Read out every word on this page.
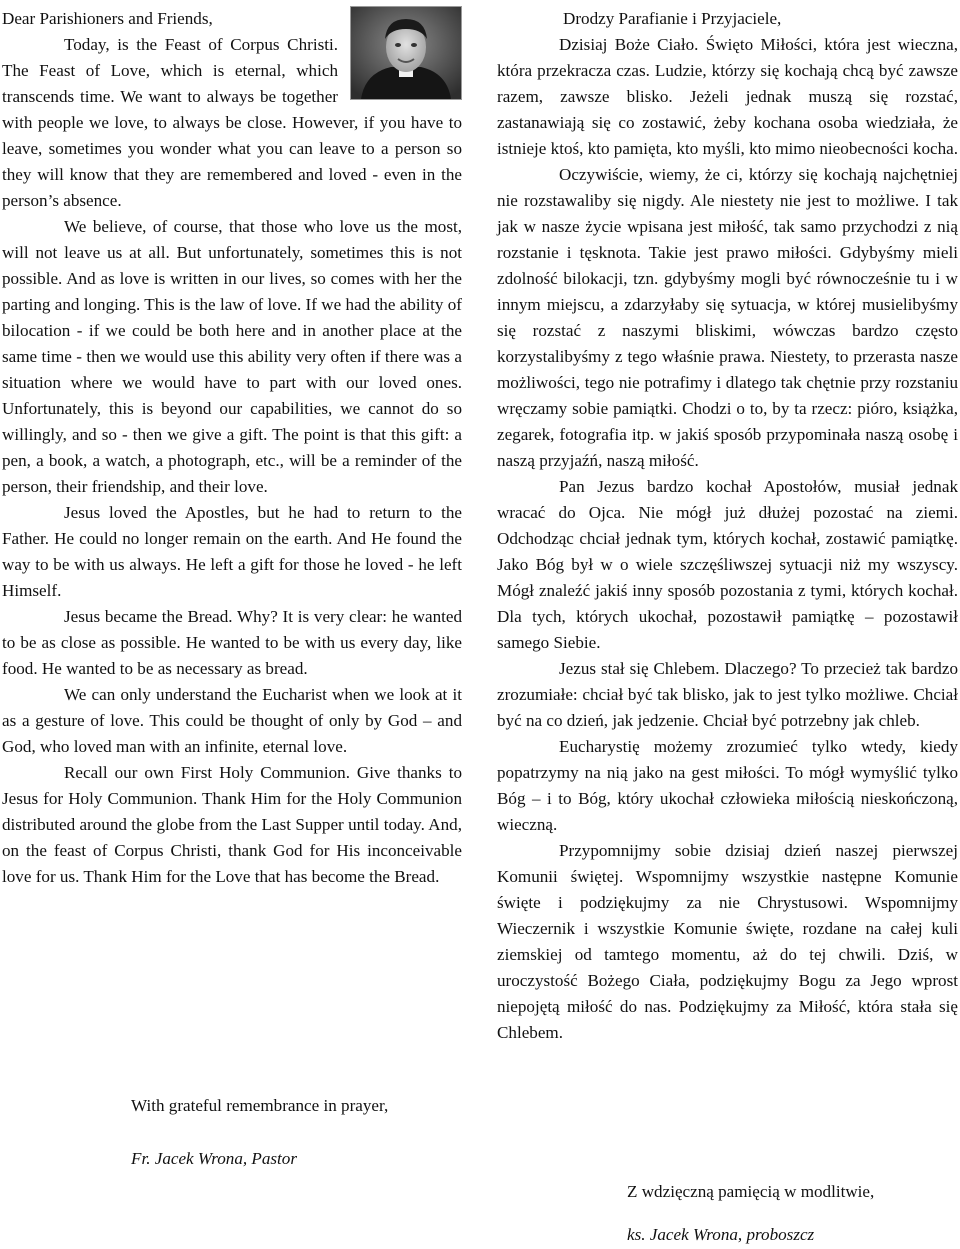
Dear Parishioners and Friends,

Today, is the Feast of Corpus Christi. The Feast of Love, which is eternal, which transcends time. We want to always be together with people we love, to always be close. However, if you have to leave, sometimes you wonder what you can leave to a person so they will know that they are remembered and loved - even in the person’s absence.

We believe, of course, that those who love us the most, will not leave us at all. But unfortunately, sometimes this is not possible. And as love is written in our lives, so comes with her the parting and longing. This is the law of love. If we had the ability of bilocation - if we could be both here and in another place at the same time - then we would use this ability very often if there was a situation where we would have to part with our loved ones. Unfortunately, this is beyond our capabilities, we cannot do so willingly, and so - then we give a gift. The point is that this gift: a pen, a book, a watch, a photograph, etc., will be a reminder of the person, their friendship, and their love.

Jesus loved the Apostles, but he had to return to the Father. He could no longer remain on the earth. And He found the way to be with us always. He left a gift for those he loved - he left Himself.

Jesus became the Bread. Why? It is very clear: he wanted to be as close as possible. He wanted to be with us every day, like food. He wanted to be as necessary as bread.

We can only understand the Eucharist when we look at it as a gesture of love. This could be thought of only by God – and God, who loved man with an infinite, eternal love.

Recall our own First Holy Communion. Give thanks to Jesus for Holy Communion. Thank Him for the Holy Communion distributed around the globe from the Last Supper until today. And, on the feast of Corpus Christi, thank God for His inconceivable love for us. Thank Him for the Love that has become the Bread.

With grateful remembrance in prayer,
Fr. Jacek Wrona, Pastor

Drodzy Parafianie i Przyjaciele,

Dzisiaj Boże Ciało. Święto Miłości, która jest wieczna, która przekracza czas. Ludzie, którzy się kochają chcą być zawsze razem, zawsze blisko. Jeżeli jednak muszą się rozstać, zastanawiają się co zostawić, żeby kochana osoba wiedziała, że istnieje ktoś, kto pamięta, kto myśli, kto mimo nieobecności kocha.

Oczywiście, wiemy, że ci, którzy się kochają najchętniej nie rozstawaliby się nigdy. Ale niestety nie jest to możliwe. I tak jak w nasze życie wpisana jest miłość, tak samo przychodzi z nią rozstanie i tęsknota. Takie jest prawo miłości. Gdybyśmy mieli zdolność bilokacji, tzn. gdybyśmy mogli być równocześnie tu i w innym miejscu, a zdarzyłaby się sytuacja, w której musielibyśmy się rozstać z naszymi bliskimi, wówczas bardzo często korzystalibyśmy z tego właśnie prawa. Niestety, to przerasta nasze możliwości, tego nie potrafimy i dlatego tak chętnie przy rozstaniu wręczamy sobie pamiątki. Chodzi o to, by ta rzecz: pióro, książka, zegarek, fotografia itp. w jakiś sposób przypominała naszą osobę i naszą przyjaźń, naszą miłość.

Pan Jezus bardzo kochał Apostołów, musiał jednak wracać do Ojca. Nie mógł już dłużej pozostać na ziemi. Odchodząc chciał jednak tym, których kochał, zostawić pamiątkę. Jako Bóg był w o wiele szczęśliwszej sytuacji niż my wszyscy. Mógł znaleźć jakiś inny sposób pozostania z tymi, których kochał. Dla tych, których ukochał, pozostawił pamiątkę – pozostawił samego Siebie.

Jezus stał się Chlebem. Dlaczego? To przecież tak bardzo zrozumiałe: chciał być tak blisko, jak to jest tylko możliwe. Chciał być na co dzień, jak jedzenie. Chciał być potrzebny jak chleb.

Eucharystię możemy zrozumieć tylko wtedy, kiedy popatrzymy na nią jako na gest miłości. To mógł wymyślić tylko Bóg – i to Bóg, który ukochał człowieka miłością nieskończoną, wieczną.

Przypomnijmy sobie dzisiaj dzień naszej pierwszej Komunii świętej. Wspomnijmy wszystkie następne Komunie święte i podziękujmy za nie Chrystusowi. Wspomnijmy Wieczernik i wszystkie Komunie święte, rozdane na całej kuli ziemskiej od tamtego momentu, aż do tej chwili. Dziś, w uroczystość Bożego Ciała, podziękujmy Bogu za Jego wprost niepojętą miłość do nas. Podziękujmy za Miłość, która stała się Chlebem.

Z wdzięczną pamięcią w modlitwie,
ks. Jacek Wrona, proboszcz
